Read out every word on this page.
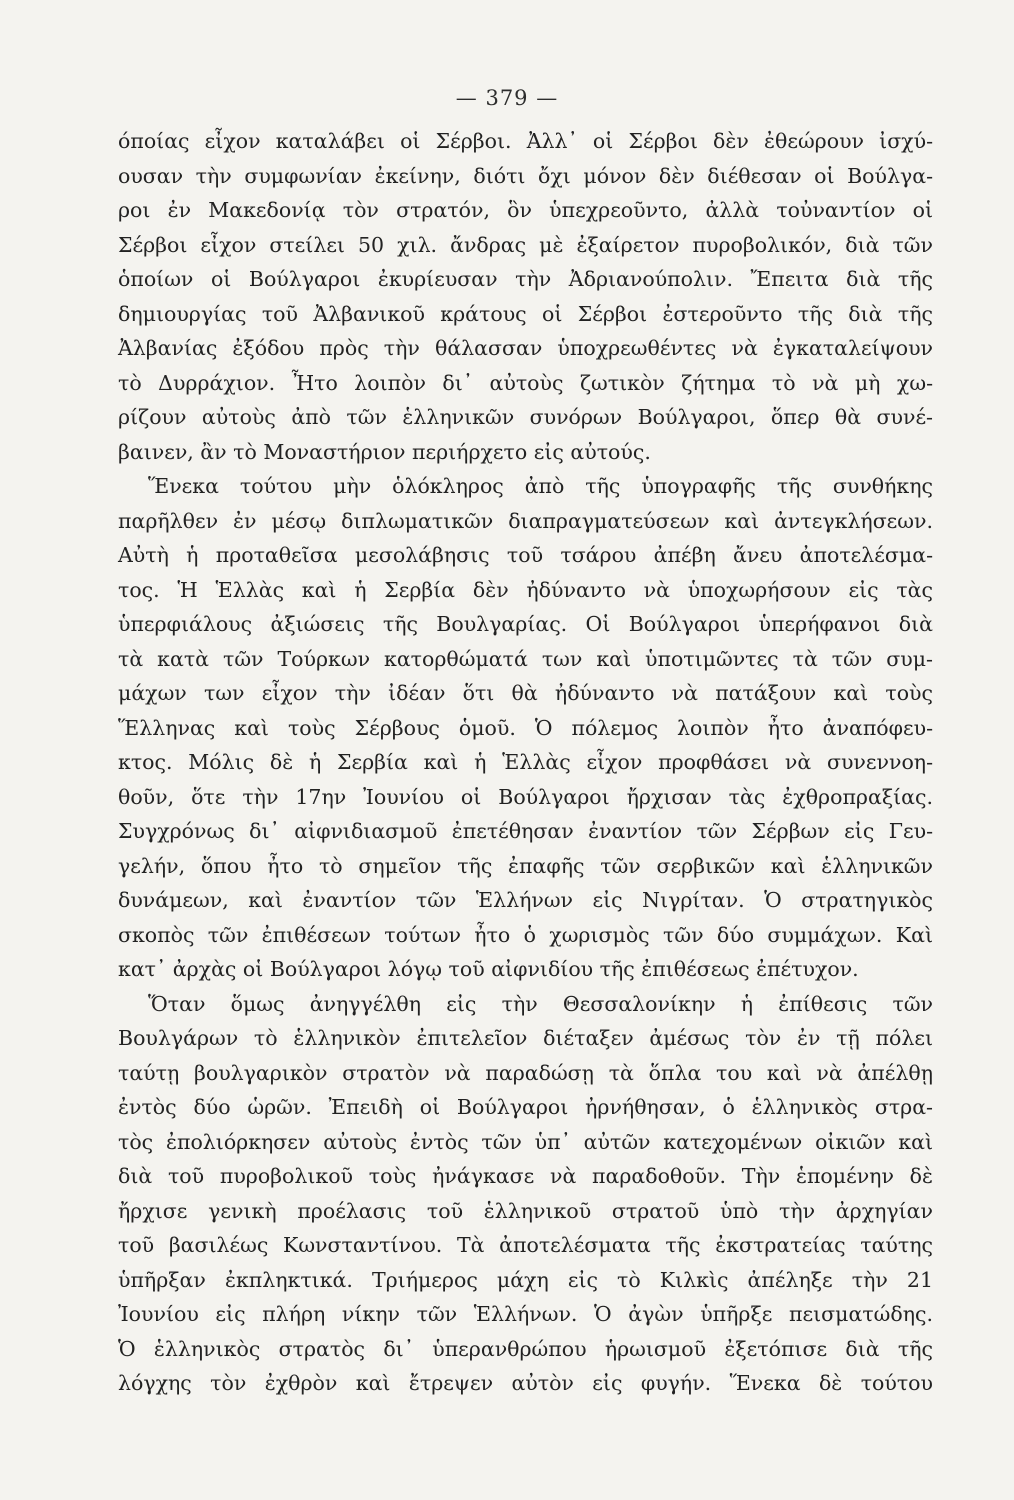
— 379 —
όποίας εἶχον καταλάβει οἱ Σέρβοι. Ἀλλ᾿ οἱ Σέρβοι δὲν ἐθεώρουν ἰσχύ-
ουσαν τὴν συμφωνίαν ἐκείνην, διότι ὄχι μόνον δὲν διέθεσαν οἱ Βούλγα-
ροι ἐν Μακεδονίᾳ τὸν στρατόν, ὃν ὑπεχρεοῦντο, ἀλλὰ τοὐναντίον οἱ
Σέρβοι εἶχον στείλει 50 χιλ. ἄνδρας μὲ ἐξαίρετον πυροβολικόν, διὰ τῶν
ὁποίων οἱ Βούλγαροι ἐκυρίευσαν τὴν Ἀδριανούπολιν. Ἔπειτα διὰ τῆς
δημιουργίας τοῦ Ἀλβανικοῦ κράτους οἱ Σέρβοι ἐστεροῦντο τῆς διὰ τῆς
Ἀλβανίας ἐξόδου πρὸς τὴν θάλασσαν ὑποχρεωθέντες νὰ ἐγκαταλείψουν
τὸ Δυρράχιον. Ἦτο λοιπὸν δι᾿ αὐτοὺς ζωτικὸν ζήτημα τὸ νὰ μὴ χω-
ρίζουν αὐτοὺς ἀπὸ τῶν ἑλληνικῶν συνόρων Βούλγαροι, ὅπερ θὰ συνέ-
βαινεν, ἂν τὸ Μοναστήριον περιήρχετο εἰς αὐτούς.
Ἕνεκα τούτου μὴν ὁλόκληρος ἀπὸ τῆς ὑπογραφῆς τῆς συνθήκης
παρῆλθεν ἐν μέσῳ διπλωματικῶν διαπραγματεύσεων καὶ ἀντεγκλήσεων.
Αὐτὴ ἡ προταθεῖσα μεσολάβησις τοῦ τσάρου ἀπέβη ἄνευ ἀποτελέσμα-
τος. Ἡ Ἑλλὰς καὶ ἡ Σερβία δὲν ἠδύναντο νὰ ὑποχωρήσουν εἰς τὰς
ὑπερφιάλους ἀξιώσεις τῆς Βουλγαρίας. Οἱ Βούλγαροι ὑπερήφανοι διὰ
τὰ κατὰ τῶν Τούρκων κατορθώματά των καὶ ὑποτιμῶντες τὰ τῶν συμ-
μάχων των εἶχον τὴν ἰδέαν ὅτι θὰ ἠδύναντο νὰ πατάξουν καὶ τοὺς
Ἕλληνας καὶ τοὺς Σέρβους ὁμοῦ. Ὁ πόλεμος λοιπὸν ἦτο ἀναπόφευ-
κτος. Μόλις δὲ ἡ Σερβία καὶ ἡ Ἑλλὰς εἶχον προφθάσει νὰ συνεννοη-
θοῦν, ὅτε τὴν 17ην Ἰουνίου οἱ Βούλγαροι ἤρχισαν τὰς ἐχθροπραξίας.
Συγχρόνως δι᾿ αἰφνιδιασμοῦ ἐπετέθησαν ἐναντίον τῶν Σέρβων εἰς Γευ-
γελήν, ὅπου ἦτο τὸ σημεῖον τῆς ἐπαφῆς τῶν σερβικῶν καὶ ἑλληνικῶν
δυνάμεων, καὶ ἐναντίον τῶν Ἑλλήνων εἰς Νιγρίταν. Ὁ στρατηγικὸς
σκοπὸς τῶν ἐπιθέσεων τούτων ἦτο ὁ χωρισμὸς τῶν δύο συμμάχων. Καὶ
κατ᾿ ἀρχὰς οἱ Βούλγαροι λόγῳ τοῦ αἰφνιδίου τῆς ἐπιθέσεως ἐπέτυχον.
Ὅταν ὅμως ἀνηγγέλθη εἰς τὴν Θεσσαλονίκην ἡ ἐπίθεσις τῶν
Βουλγάρων τὸ ἑλληνικὸν ἐπιτελεῖον διέταξεν ἀμέσως τὸν ἐν τῇ πόλει
ταύτῃ βουλγαρικὸν στρατὸν νὰ παραδώσῃ τὰ ὅπλα του καὶ νὰ ἀπέλθῃ
ἐντὸς δύο ὡρῶν. Ἐπειδὴ οἱ Βούλγαροι ἠρνήθησαν, ὁ ἑλληνικὸς στρα-
τὸς ἐπολιόρκησεν αὐτοὺς ἐντὸς τῶν ὑπ᾿ αὐτῶν κατεχομένων οἰκιῶν καὶ
διὰ τοῦ πυροβολικοῦ τοὺς ἠνάγκασε νὰ παραδοθοῦν. Τὴν ἑπομένην δὲ
ἤρχισε γενικὴ προέλασις τοῦ ἑλληνικοῦ στρατοῦ ὑπὸ τὴν ἀρχηγίαν
τοῦ βασιλέως Κωνσταντίνου. Τὰ ἀποτελέσματα τῆς ἐκστρατείας ταύτης
ὑπῆρξαν ἐκπληκτικά. Τριήμερος μάχη εἰς τὸ Κιλκὶς ἀπέληξε τὴν 21
Ἰουνίου εἰς πλήρη νίκην τῶν Ἑλλήνων. Ὁ ἀγὼν ὑπῆρξε πεισματώδης.
Ὁ ἑλληνικὸς στρατὸς δι᾿ ὑπερανθρώπου ἡρωισμοῦ ἐξετόπισε διὰ τῆς
λόγχης τὸν ἐχθρὸν καὶ ἔτρεψεν αὐτὸν εἰς φυγήν. Ἕνεκα δὲ τούτου
